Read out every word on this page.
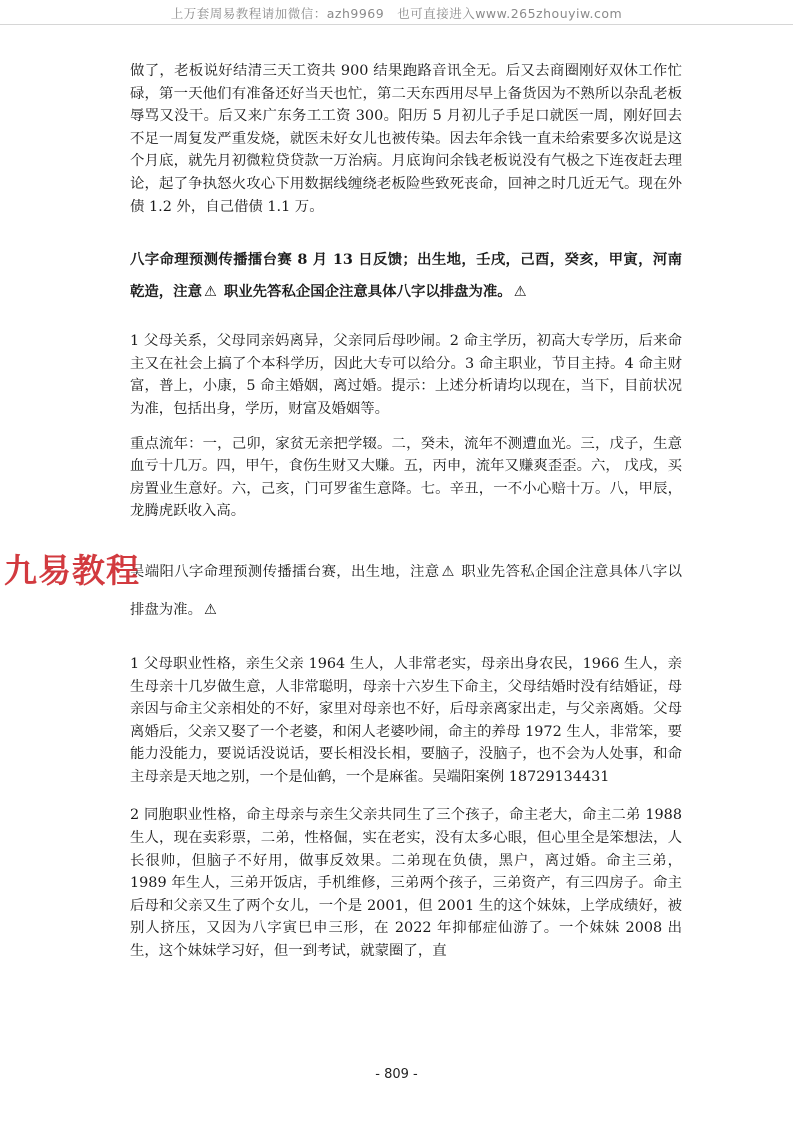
上万套周易教程请加微信：azh9969　也可直接进入www.265zhouyiw.com

做了，老板说好结清三天工资共 900 结果跑路音讯全无。后又去商圈刚好双休工作忙碌，第一天他们有准备还好当天也忙，第二天东西用尽早上备货因为不熟所以杂乱老板辱骂又没干。后又来广东务工工资 300。阳历 5 月初儿子手足口就医一周，刚好回去不足一周复发严重发烧，就医未好女儿也被传染。因去年余钱一直未给索要多次说是这个月底，就先月初微粒贷贷款一万治病。月底询问余钱老板说没有气极之下连夜赶去理论，起了争执怒火攻心下用数据线缠绕老板险些致死丧命，回神之时几近无气。现在外债 1.2 外，自己借债 1.1 万。

八字命理预测传播擂台赛 8 月 13 日反馈；出生地，壬戌，己酉，癸亥，甲寅，河南乾造，注意 ⚠ 职业先答私企国企注意具体八字以排盘为准。 ⚠

1 父母关系，父母同亲妈离异，父亲同后母吵闹。2 命主学历，初高大专学历，后来命主又在社会上搞了个本科学历，因此大专可以给分。3 命主职业，节目主持。4 命主财富，普上，小康，5 命主婚姻，离过婚。提示：上述分析请均以现在，当下，目前状况为准，包括出身，学历，财富及婚姻等。

重点流年：一，己卯，家贫无亲把学辍。二，癸未，流年不测遭血光。三，戊子，生意血亏十几万。四，甲午，食伤生财又大赚。五，丙申，流年又赚爽歪歪。六， 戊戌，买房置业生意好。六，己亥，门可罗雀生意降。七。辛丑，一不小心赔十万。八，甲辰，龙腾虎跃收入高。

吴端阳八字命理预测传播擂台赛，出生地，注意 ⚠ 职业先答私企国企注意具体八字以排盘为准。 ⚠

1 父母职业性格，亲生父亲 1964 生人，人非常老实，母亲出身农民，1966 生人，亲生母亲十几岁做生意，人非常聪明，母亲十六岁生下命主，父母结婚时没有结婚证，母亲因与命主父亲相处的不好，家里对母亲也不好，后母亲离家出走，与父亲离婚。父母离婚后，父亲又娶了一个老婆，和闲人老婆吵闹，命主的养母 1972 生人，非常笨，要能力没能力，要说话没说话，要长相没长相，要脑子，没脑子，也不会为人处事，和命主母亲是天地之别，一个是仙鹤，一个是麻雀。吴端阳案例 18729134431

2 同胞职业性格，命主母亲与亲生父亲共同生了三个孩子，命主老大，命主二弟 1988 生人，现在卖彩票，二弟，性格倔，实在老实，没有太多心眼，但心里全是笨想法，人长很帅，但脑子不好用，做事反效果。二弟现在负债，黑户，离过婚。命主三弟，1989 年生人，三弟开饭店，手机维修，三弟两个孩子，三弟资产，有三四房子。命主后母和父亲又生了两个女儿，一个是 2001，但 2001 生的这个妹妹，上学成绩好，被别人挤压，又因为八字寅巳申三形，在 2022 年抑郁症仙游了。一个妹妹 2008 出生，这个妹妹学习好，但一到考试，就蒙圈了，直

九易教程
- 809 -
